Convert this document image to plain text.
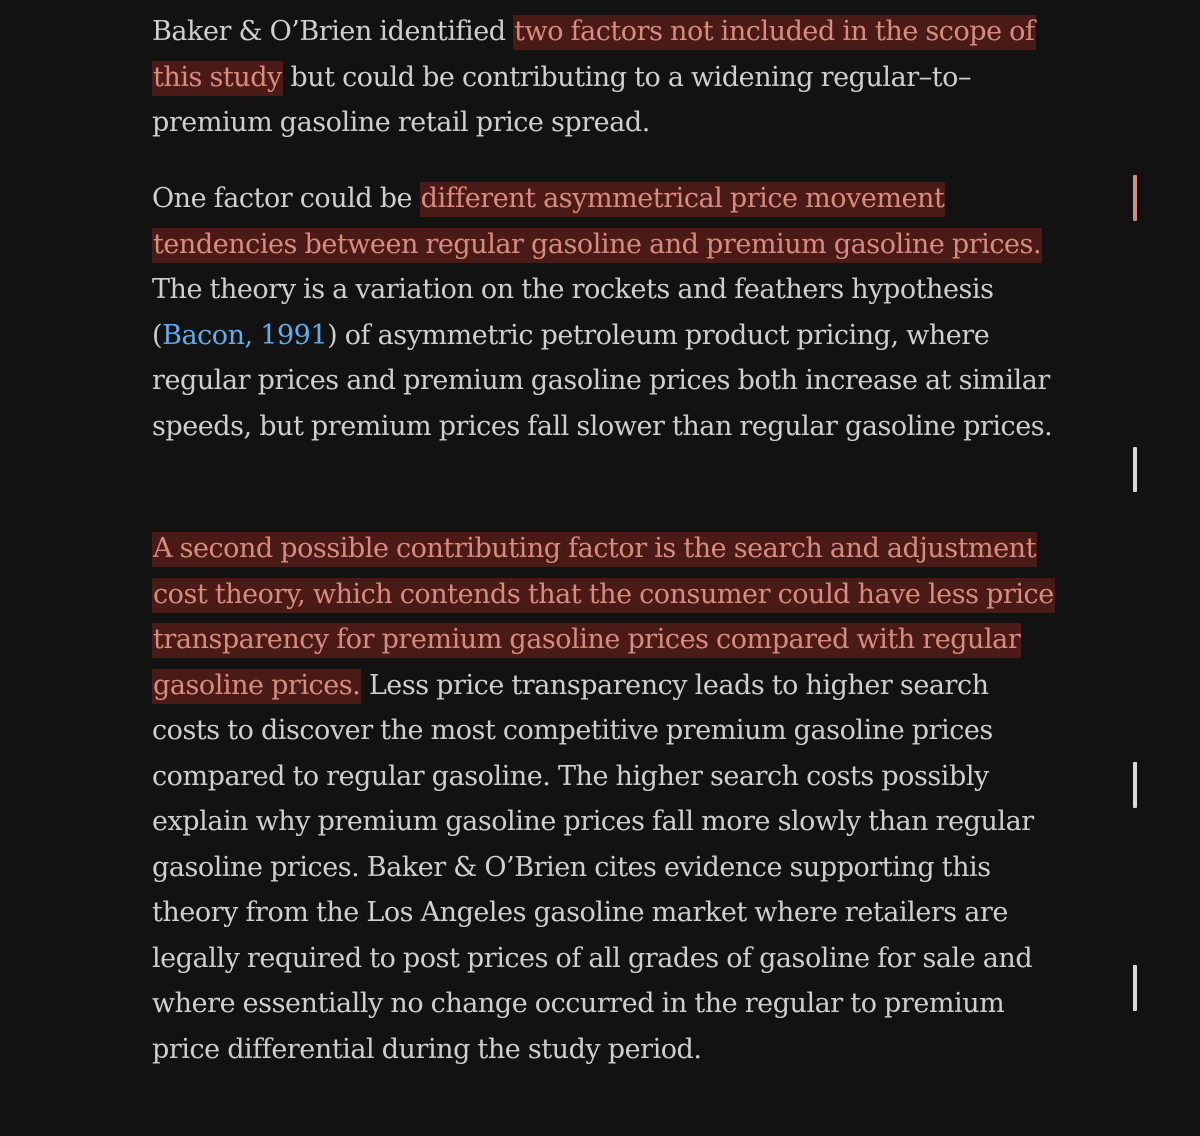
Baker & O’Brien identified two factors not included in the scope of this study but could be contributing to a widening regular–to–premium gasoline retail price spread.

One factor could be different asymmetrical price movement tendencies between regular gasoline and premium gasoline prices. The theory is a variation on the rockets and feathers hypothesis (Bacon, 1991) of asymmetric petroleum product pricing, where regular prices and premium gasoline prices both increase at similar speeds, but premium prices fall slower than regular gasoline prices.

A second possible contributing factor is the search and adjustment cost theory, which contends that the consumer could have less price transparency for premium gasoline prices compared with regular gasoline prices. Less price transparency leads to higher search costs to discover the most competitive premium gasoline prices compared to regular gasoline. The higher search costs possibly explain why premium gasoline prices fall more slowly than regular gasoline prices. Baker & O’Brien cites evidence supporting this theory from the Los Angeles gasoline market where retailers are legally required to post prices of all grades of gasoline for sale and where essentially no change occurred in the regular to premium price differential during the study period.
